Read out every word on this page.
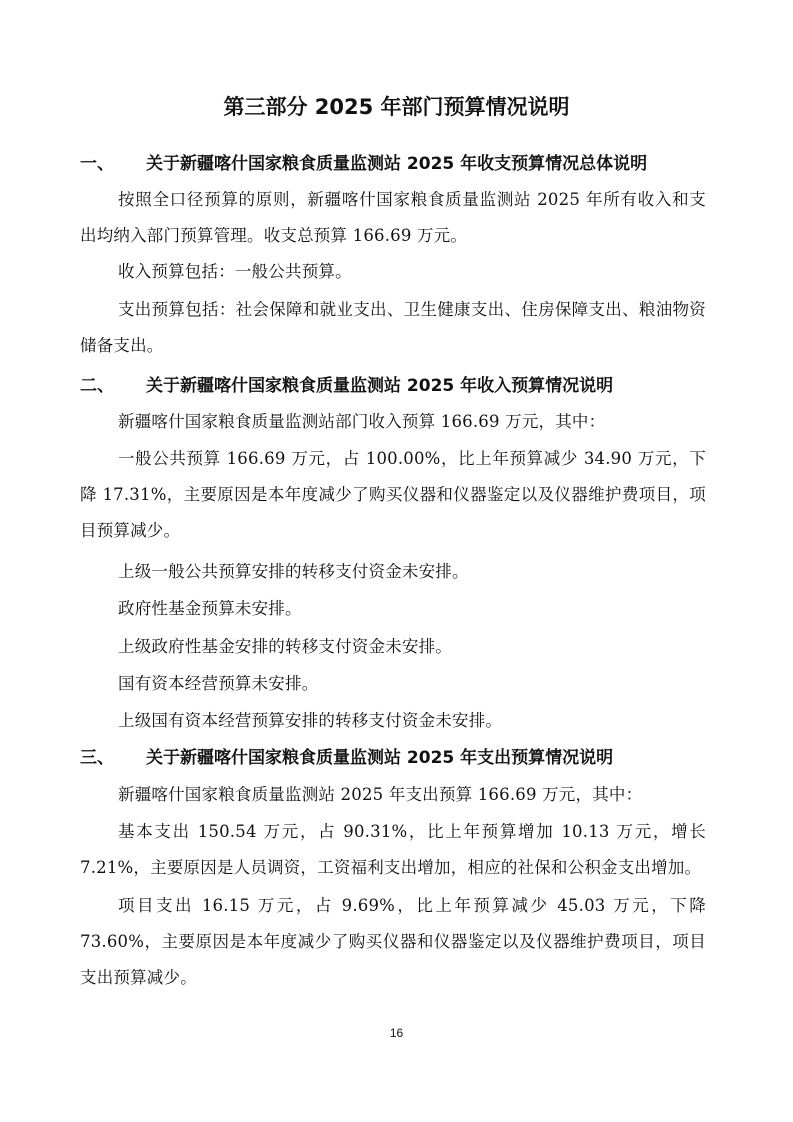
第三部分 2025 年部门预算情况说明
一、 关于新疆喀什国家粮食质量监测站 2025 年收支预算情况总体说明
按照全口径预算的原则，新疆喀什国家粮食质量监测站 2025 年所有收入和支出均纳入部门预算管理。收支总预算 166.69 万元。
收入预算包括：一般公共预算。
支出预算包括：社会保障和就业支出、卫生健康支出、住房保障支出、粮油物资储备支出。
二、 关于新疆喀什国家粮食质量监测站 2025 年收入预算情况说明
新疆喀什国家粮食质量监测站部门收入预算 166.69 万元，其中：
一般公共预算 166.69 万元，占 100.00%，比上年预算减少 34.90 万元，下降 17.31%，主要原因是本年度减少了购买仪器和仪器鉴定以及仪器维护费项目，项目预算减少。
上级一般公共预算安排的转移支付资金未安排。
政府性基金预算未安排。
上级政府性基金安排的转移支付资金未安排。
国有资本经营预算未安排。
上级国有资本经营预算安排的转移支付资金未安排。
三、 关于新疆喀什国家粮食质量监测站 2025 年支出预算情况说明
新疆喀什国家粮食质量监测站 2025 年支出预算 166.69 万元，其中：
基本支出 150.54 万元，占 90.31%，比上年预算增加 10.13 万元，增长 7.21%，主要原因是人员调资，工资福利支出增加，相应的社保和公积金支出增加。
项目支出 16.15 万元，占 9.69%，比上年预算减少 45.03 万元，下降 73.60%，主要原因是本年度减少了购买仪器和仪器鉴定以及仪器维护费项目，项目支出预算减少。
16
